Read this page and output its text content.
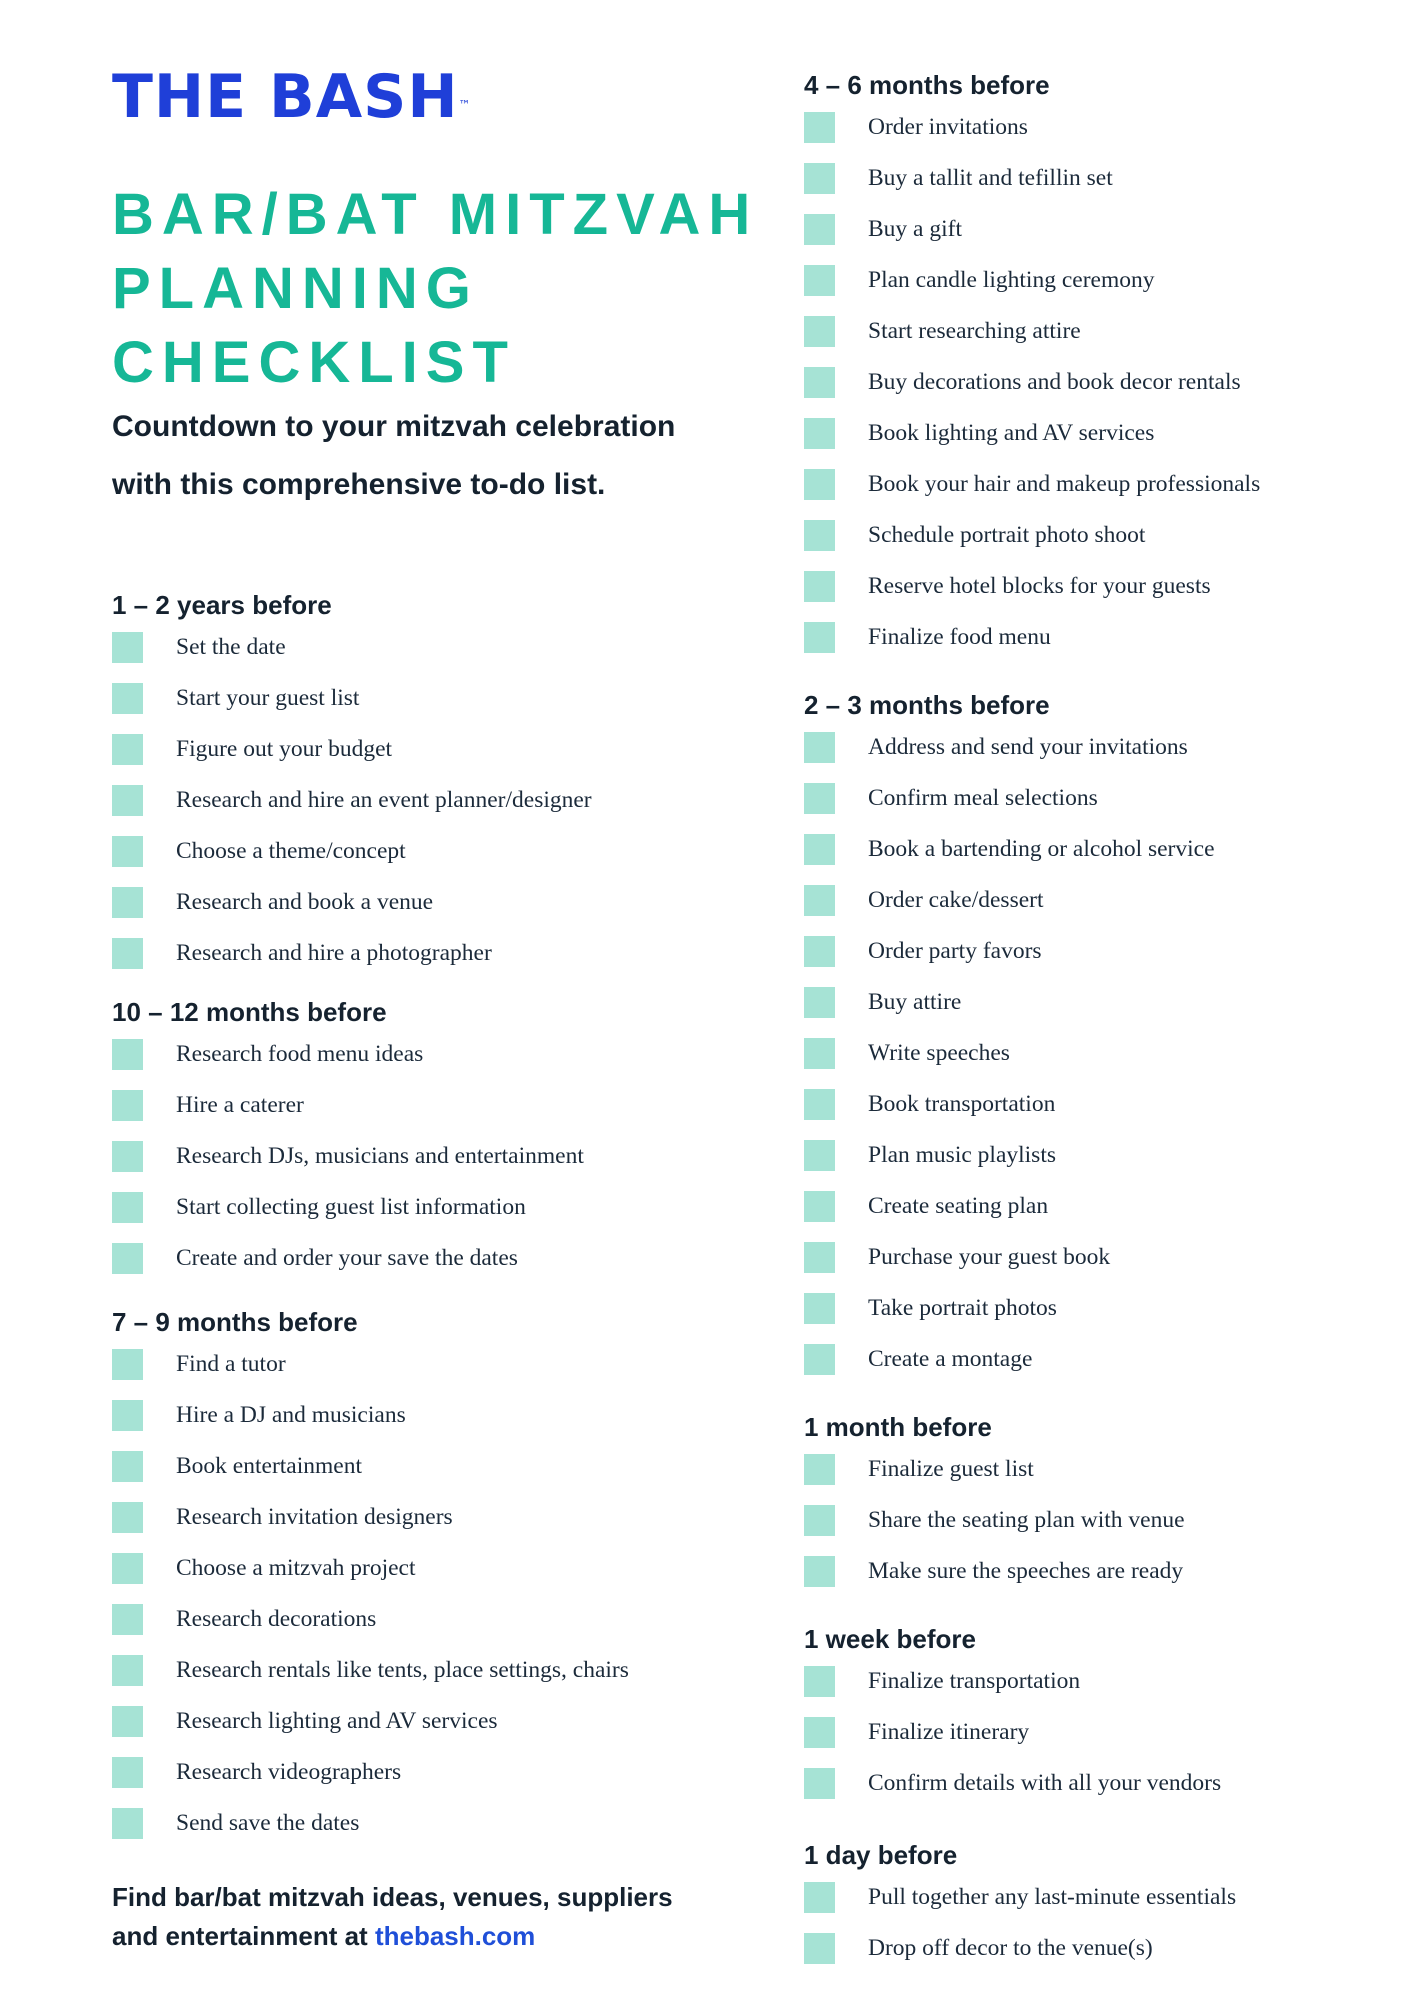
THE BASH™
BAR/BAT MITZVAH
PLANNING
CHECKLIST
Countdown to your mitzvah celebration
with this comprehensive to-do list.
1 – 2 years before
Set the date
Start your guest list
Figure out your budget
Research and hire an event planner/designer
Choose a theme/concept
Research and book a venue
Research and hire a photographer
10 – 12 months before
Research food menu ideas
Hire a caterer
Research DJs, musicians and entertainment
Start collecting guest list information
Create and order your save the dates
7 – 9 months before
Find a tutor
Hire a DJ and musicians
Book entertainment
Research invitation designers
Choose a mitzvah project
Research decorations
Research rentals like tents, place settings, chairs
Research lighting and AV services
Research videographers
Send save the dates
4 – 6 months before
Order invitations
Buy a tallit and tefillin set
Buy a gift
Plan candle lighting ceremony
Start researching attire
Buy decorations and book decor rentals
Book lighting and AV services
Book your hair and makeup professionals
Schedule portrait photo shoot
Reserve hotel blocks for your guests
Finalize food menu
2 – 3 months before
Address and send your invitations
Confirm meal selections
Book a bartending or alcohol service
Order cake/dessert
Order party favors
Buy attire
Write speeches
Book transportation
Plan music playlists
Create seating plan
Purchase your guest book
Take portrait photos
Create a montage
1 month before
Finalize guest list
Share the seating plan with venue
Make sure the speeches are ready
1 week before
Finalize transportation
Finalize itinerary
Confirm details with all your vendors
1 day before
Pull together any last-minute essentials
Drop off decor to the venue(s)
Find bar/bat mitzvah ideas, venues, suppliers
and entertainment at thebash.com
